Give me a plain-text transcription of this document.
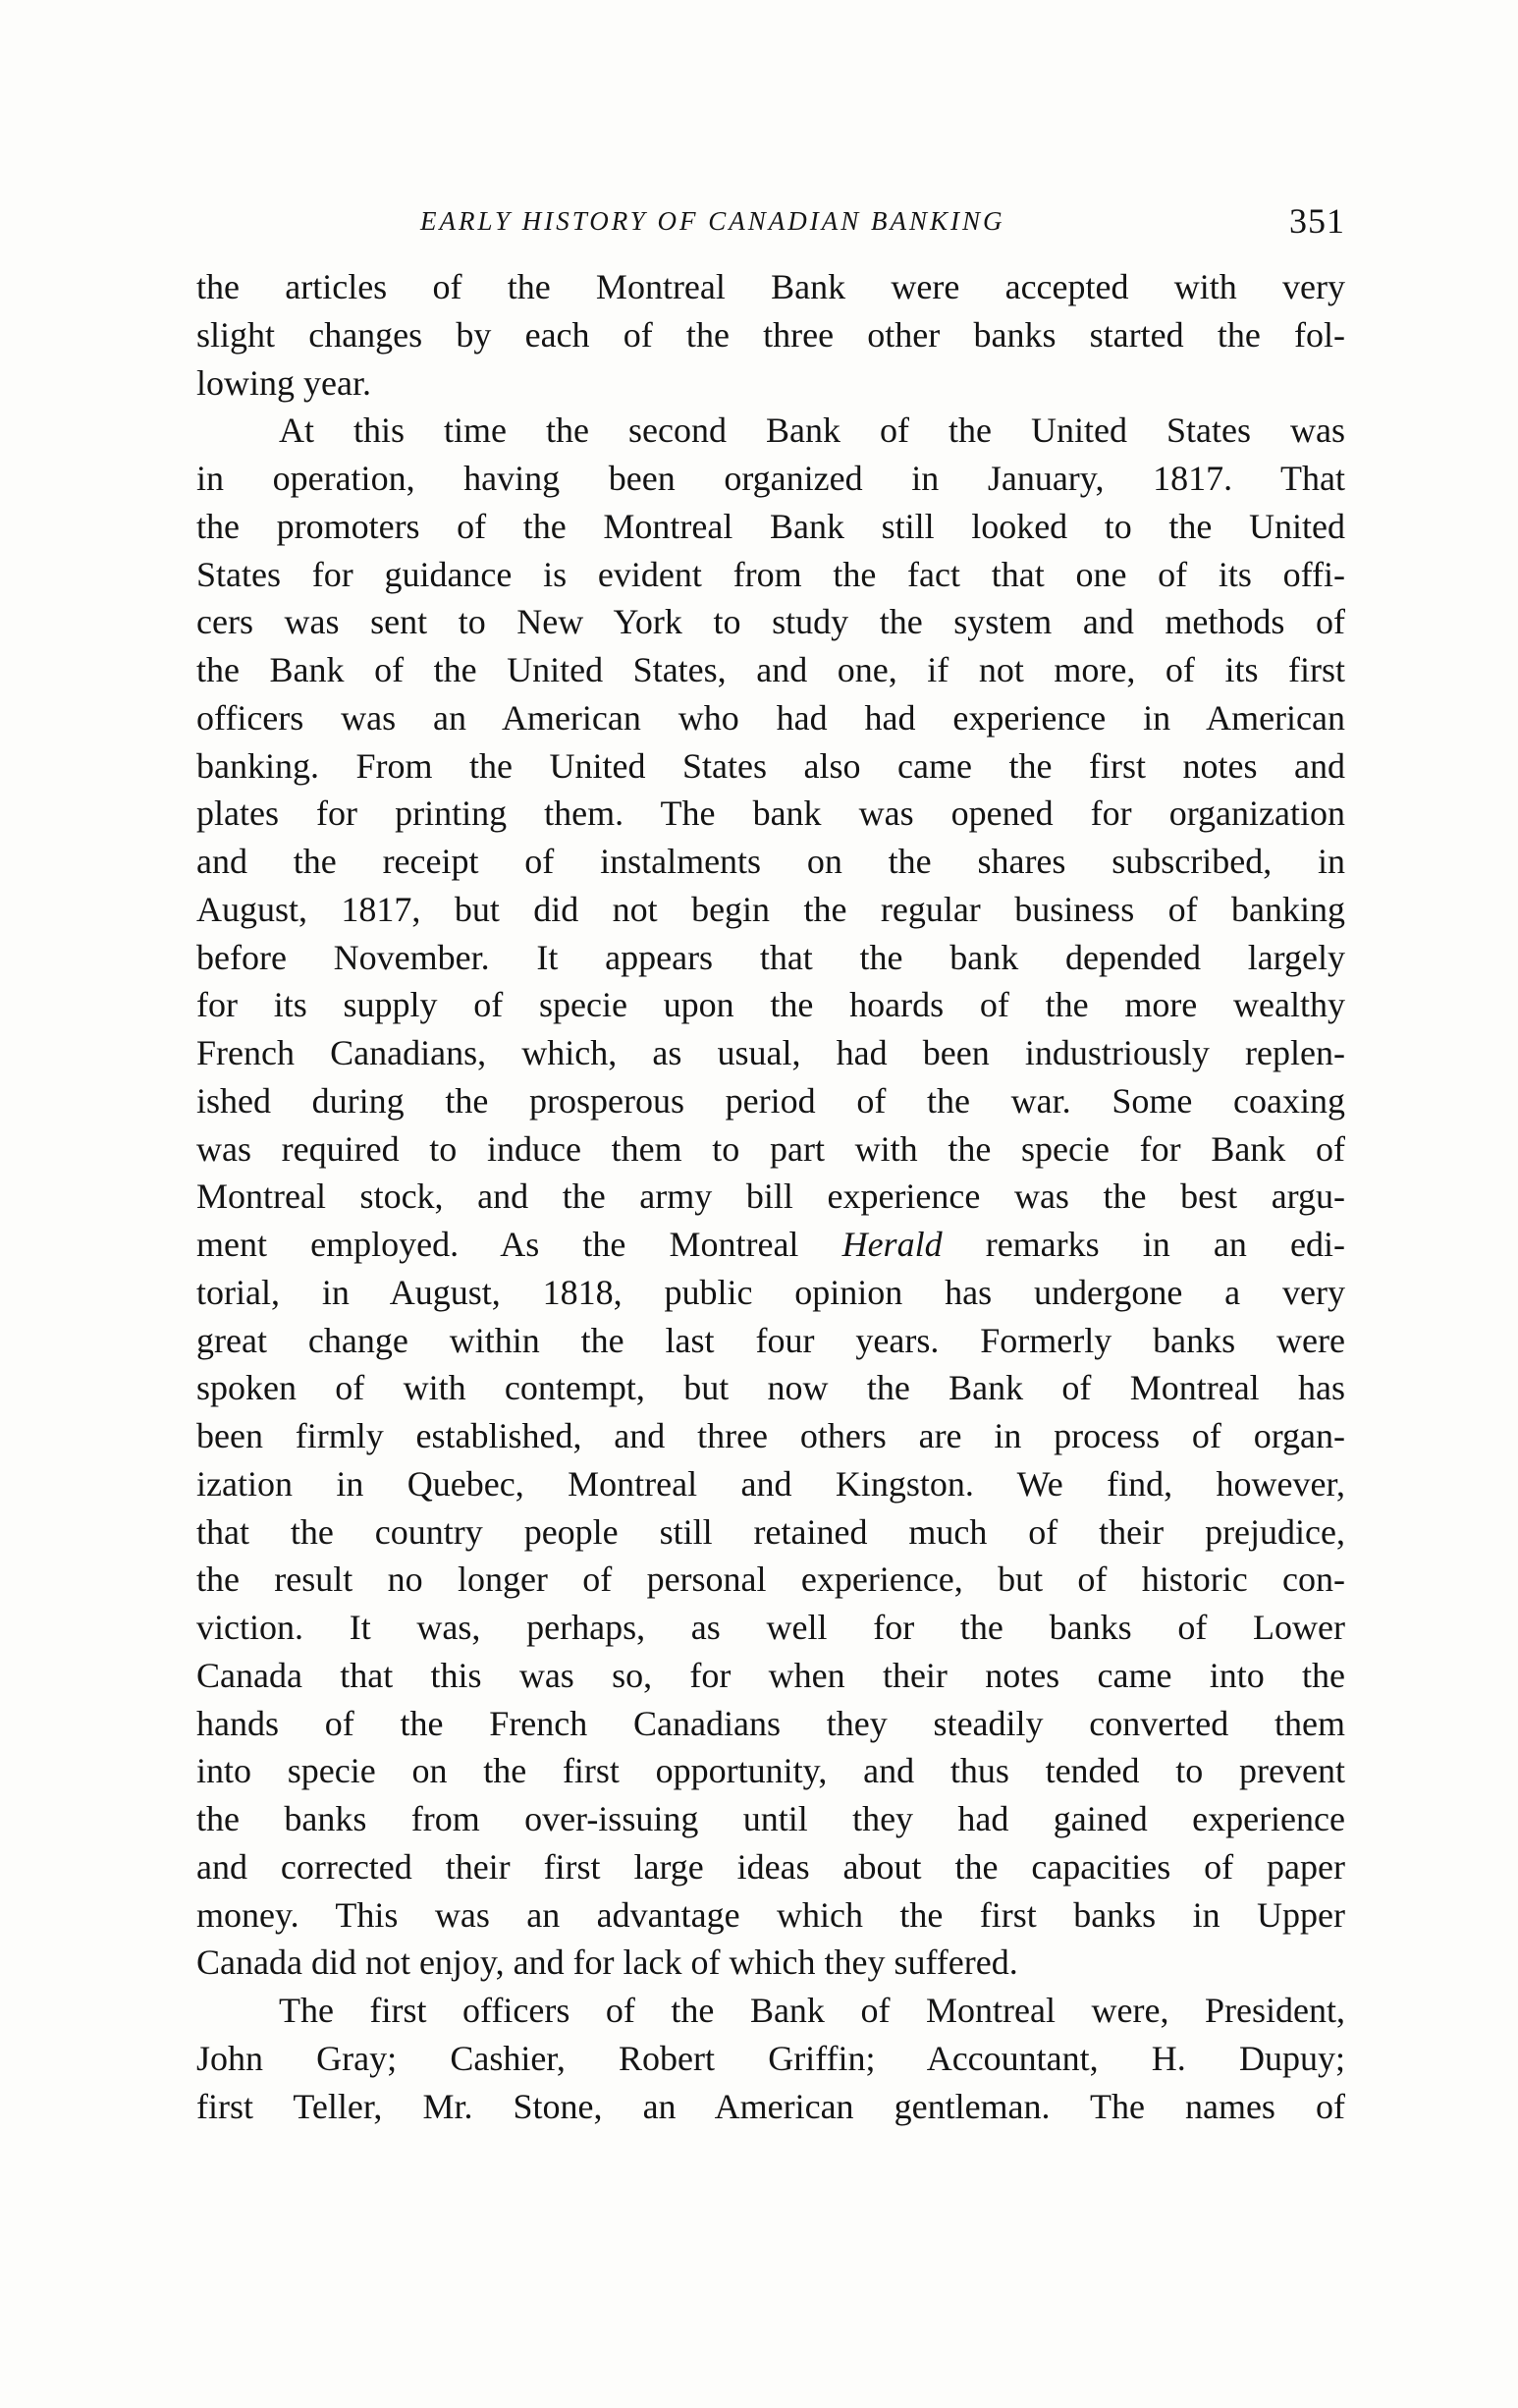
EARLY HISTORY OF CANADIAN BANKING	351
the articles of the Montreal Bank were accepted with very
slight changes by each of the three other banks started the fol-
lowing year.
At this time the second Bank of the United States was
in operation, having been organized in January, 1817. That
the promoters of the Montreal Bank still looked to the United
States for guidance is evident from the fact that one of its offi-
cers was sent to New York to study the system and methods of
the Bank of the United States, and one, if not more, of its first
officers was an American who had had experience in American
banking. From the United States also came the first notes and
plates for printing them. The bank was opened for organization
and the receipt of instalments on the shares subscribed, in
August, 1817, but did not begin the regular business of banking
before November. It appears that the bank depended largely
for its supply of specie upon the hoards of the more wealthy
French Canadians, which, as usual, had been industriously replen-
ished during the prosperous period of the war. Some coaxing
was required to induce them to part with the specie for Bank of
Montreal stock, and the army bill experience was the best argu-
ment employed. As the Montreal Herald remarks in an edi-
torial, in August, 1818, public opinion has undergone a very
great change within the last four years. Formerly banks were
spoken of with contempt, but now the Bank of Montreal has
been firmly established, and three others are in process of organ-
ization in Quebec, Montreal and Kingston. We find, however,
that the country people still retained much of their prejudice,
the result no longer of personal experience, but of historic con-
viction. It was, perhaps, as well for the banks of Lower
Canada that this was so, for when their notes came into the
hands of the French Canadians they steadily converted them
into specie on the first opportunity, and thus tended to prevent
the banks from over-issuing until they had gained experience
and corrected their first large ideas about the capacities of paper
money. This was an advantage which the first banks in Upper
Canada did not enjoy, and for lack of which they suffered.
The first officers of the Bank of Montreal were, President,
John Gray; Cashier, Robert Griffin; Accountant, H. Dupuy;
first Teller, Mr. Stone, an American gentleman. The names of
